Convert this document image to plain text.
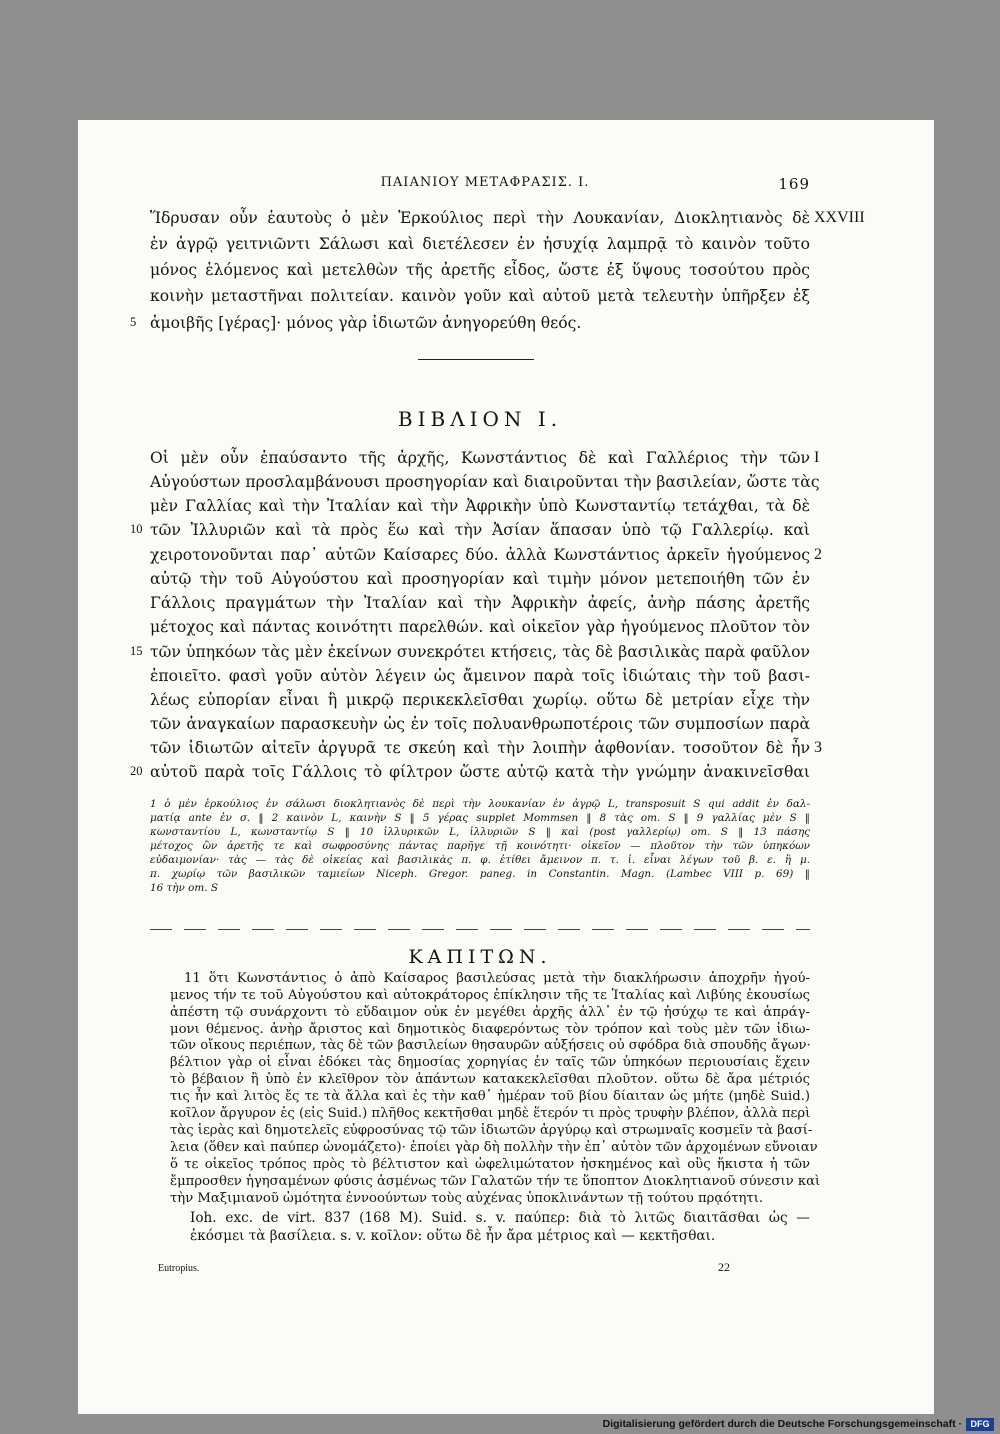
ΠΑΙΑΝΙΟΥ ΜΕΤΑΦΡΑΣΙΣ. Ι.	169
Ἵδρυσαν οὖν ἑαυτοὺς ὁ μὲν Ἑρκούλιος περὶ τὴν Λουκανίαν, Διοκλητιανὸς δὲ
ἐν ἀγρῷ γειτνιῶντι Σάλωσι καὶ διετέλεσεν ἐν ἡσυχίᾳ λαμπρᾷ τὸ καινὸν τοῦτο
μόνος ἑλόμενος καὶ μετελθὼν τῆς ἀρετῆς εἶδος, ὥστε ἐξ ὕψους τοσούτου πρὸς
κοινὴν μεταστῆναι πολιτείαν. καινὸν γοῦν καὶ αὐτοῦ μετὰ τελευτὴν ὑπῆρξεν ἐξ
ἀμοιβῆς [γέρας]· μόνος γὰρ ἰδιωτῶν ἀνηγορεύθη θεός.
5
XXVIII
ΒΙΒΛΙΟΝ Ι.
Οἱ μὲν οὖν ἐπαύσαντο τῆς ἀρχῆς, Κωνστάντιος δὲ καὶ Γαλλέριος τὴν τῶν
Αὐγούστων προσλαμβάνουσι προσηγορίαν καὶ διαιροῦνται τὴν βασιλείαν, ὥστε τὰς
μὲν Γαλλίας καὶ τὴν Ἰταλίαν καὶ τὴν Ἀφρικὴν ὑπὸ Κωνσταντίῳ τετάχθαι, τὰ δὲ
τῶν Ἰλλυριῶν καὶ τὰ πρὸς ἕω καὶ τὴν Ἀσίαν ἅπασαν ὑπὸ τῷ Γαλλερίῳ. καὶ
χειροτονοῦνται παρ᾿ αὐτῶν Καίσαρες δύο. ἀλλὰ Κωνστάντιος ἀρκεῖν ἡγούμενος
αὐτῷ τὴν τοῦ Αὐγούστου καὶ προσηγορίαν καὶ τιμὴν μόνον μετεποιήθη τῶν ἐν
Γάλλοις πραγμάτων τὴν Ἰταλίαν καὶ τὴν Ἀφρικὴν ἀφείς, ἀνὴρ πάσης ἀρετῆς
μέτοχος καὶ πάντας κοινότητι παρελθών. καὶ οἰκεῖον γὰρ ἡγούμενος πλοῦτον τὸν
τῶν ὑπηκόων τὰς μὲν ἐκείνων συνεκρότει κτήσεις, τὰς δὲ βασιλικὰς παρὰ φαῦλον
ἐποιεῖτο. φασὶ γοῦν αὐτὸν λέγειν ὡς ἄμεινον παρὰ τοῖς ἰδιώταις τὴν τοῦ βασι-
λέως εὐπορίαν εἶναι ἢ μικρῷ περικεκλεῖσθαι χωρίῳ. οὕτω δὲ μετρίαν εἶχε τὴν
τῶν ἀναγκαίων παρασκευὴν ὡς ἐν τοῖς πολυανθρωποτέροις τῶν συμποσίων παρὰ
τῶν ἰδιωτῶν αἰτεῖν ἀργυρᾶ τε σκεύη καὶ τὴν λοιπὴν ἀφθονίαν. τοσοῦτον δὲ ἦν
αὐτοῦ παρὰ τοῖς Γάλλοις τὸ φίλτρον ὥστε αὐτῷ κατὰ τὴν γνώμην ἀνακινεῖσθαι
10
15
20
I
2
3
1 ὁ μὲν ἑρκούλιος ἐν σάλωσι διοκλητιανὸς δὲ περὶ τὴν λουκανίαν ἐν ἀγρῷ L, transposuit S qui addit ἐν δαλ-
ματίᾳ ante ἐν σ. ‖ 2 καινὸν L, καινὴν S ‖ 5 γέρας supplet Mommsen ‖ 8 τὰς om. S ‖ 9 γαλλίας μὲν S ‖
κωνσταντίου L, κωνσταντίῳ S ‖ 10 ἰλλυρικῶν L, ἰλλυριῶν S ‖ καὶ (post γαλλερίῳ) om. S ‖ 13 πάσης
μέτοχος ὢν ἀρετῆς τε καὶ σωφροσύνης πάντας παρῆγε τῇ κοινότητι· οἰκεῖον — πλοῦτον τὴν τῶν ὑπηκόων
εὐδαιμονίαν· τὰς — τὰς δὲ οἰκείας καὶ βασιλικὰς π. φ. ἐτίθει ἄμεινον π. τ. ἰ. εἶναι λέγων τοῦ β. ε. ἢ μ.
π. χωρίῳ τῶν βασιλικῶν ταμιείων Niceph. Gregor. paneg. in Constantin. Magn. (Lambec VIII p. 69) ‖
16 τὴν om. S
ΚΑΠΙΤΩΝ.
11 ὅτι Κωνστάντιος ὁ ἀπὸ Καίσαρος βασιλεύσας μετὰ τὴν διακλήρωσιν ἀποχρῆν ἡγού-
μενος τήν τε τοῦ Αὐγούστου καὶ αὐτοκράτορος ἐπίκλησιν τῆς τε Ἰταλίας καὶ Λιβύης ἑκουσίως
ἀπέστη τῷ συνάρχοντι τὸ εὔδαιμον οὐκ ἐν μεγέθει ἀρχῆς ἀλλ᾿ ἐν τῷ ἡσύχῳ τε καὶ ἀπράγ-
μονι θέμενος. ἀνὴρ ἄριστος καὶ δημοτικὸς διαφερόντως τὸν τρόπον καὶ τοὺς μὲν τῶν ἰδιω-
τῶν οἴκους περιέπων, τὰς δὲ τῶν βασιλείων θησαυρῶν αὐξήσεις οὐ σφόδρα διὰ σπουδῆς ἄγων·
βέλτιον γὰρ οἱ εἶναι ἐδόκει τὰς δημοσίας χορηγίας ἐν ταῖς τῶν ὑπηκόων περιουσίαις ἔχειν
τὸ βέβαιον ἢ ὑπὸ ἐν κλεῖθρον τὸν ἁπάντων κατακεκλεῖσθαι πλοῦτον. οὕτω δὲ ἄρα μέτριός
τις ἦν καὶ λιτὸς ἔς τε τὰ ἄλλα καὶ ἐς τὴν καθ᾿ ἡμέραν τοῦ βίου δίαιταν ὡς μήτε (μηδὲ Suid.)
κοῖλον ἄργυρον ἐς (εἰς Suid.) πλῆθος κεκτῆσθαι μηδὲ ἕτερόν τι πρὸς τρυφὴν βλέπον, ἀλλὰ περὶ
τὰς ἱερὰς καὶ δημοτελεῖς εὐφροσύνας τῷ τῶν ἰδιωτῶν ἀργύρῳ καὶ στρωμναῖς κοσμεῖν τὰ βασί-
λεια (ὅθεν καὶ παύπερ ὠνομάζετο)· ἐποίει γὰρ δὴ πολλὴν τὴν ἐπ᾿ αὐτὸν τῶν ἀρχομένων εὔνοιαν
ὅ τε οἰκεῖος τρόπος πρὸς τὸ βέλτιστον καὶ ὠφελιμώτατον ἠσκημένος καὶ οὓς ἥκιστα ἡ τῶν
ἔμπροσθεν ἡγησαμένων φύσις ἀσμένως τῶν Γαλατῶν τήν τε ὕποπτον Διοκλητιανοῦ σύνεσιν καὶ
τὴν Μαξιμιανοῦ ὠμότητα ἐννοούντων τοὺς αὐχένας ὑποκλινάντων τῇ τούτου πρᾳότητι.
Ioh. exc. de virt. 837 (168 M). Suid. s. v. παύπερ: διὰ τὸ λιτῶς διαιτᾶσθαι ὡς —
ἐκόσμει τὰ βασίλεια. s. v. κοῖλον: οὕτω δὲ ἦν ἄρα μέτριος καὶ — κεκτῆσθαι.
Eutropius.	22
Digitalisierung gefördert durch die Deutsche Forschungsgemeinschaft · DFG
